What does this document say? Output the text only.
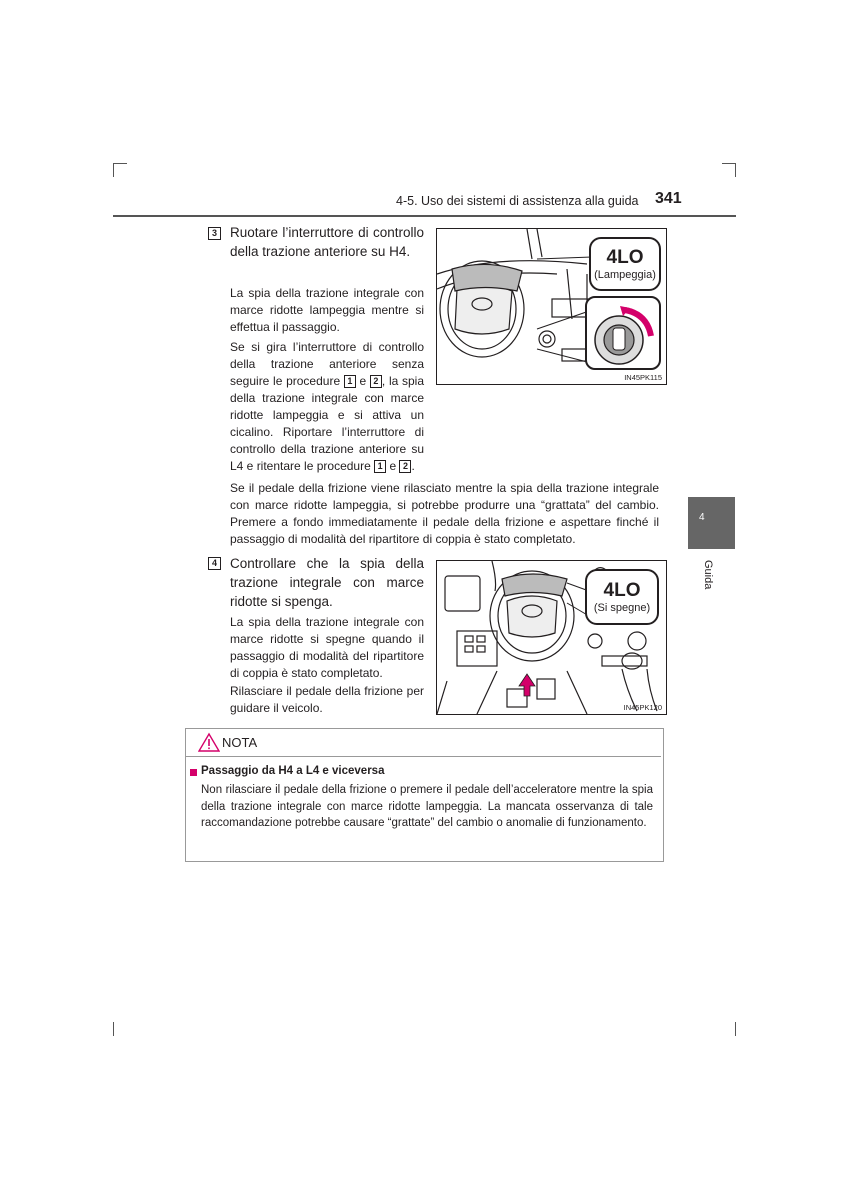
4-5. Uso dei sistemi di assistenza alla guida 341
4
Guida
3 Ruotare l’interruttore di controllo della trazione anteriore su H4.
La spia della trazione integrale con marce ridotte lampeggia mentre si effettua il passaggio.
Se si gira l’interruttore di controllo della trazione anteriore senza seguire le procedure 1 e 2 , la spia della trazione integrale con marce ridotte lampeggia e si attiva un cicalino. Riportare l’interruttore di controllo della trazione anteriore su L4 e ritentare le procedure 1 e 2 .
4LO
(Lampeggia)
IN45PK115
Se il pedale della frizione viene rilasciato mentre la spia della trazione integrale con marce ridotte lampeggia, si potrebbe produrre una “grattata” del cambio. Premere a fondo immediatamente il pedale della frizione e aspettare finché il passaggio di modalità del ripartitore di coppia è stato completato.
4 Controllare che la spia della trazione integrale con marce ridotte si spenga.
La spia della trazione integrale con marce ridotte si spegne quando il passaggio di modalità del ripartitore di coppia è stato completato.
Rilasciare il pedale della frizione per guidare il veicolo.
4LO
(Si spegne)
IN45PK120
NOTA
Passaggio da H4 a L4 e viceversa
Non rilasciare il pedale della frizione o premere il pedale dell’acceleratore mentre la spia della trazione integrale con marce ridotte lampeggia. La mancata osservanza di tale raccomandazione potrebbe causare “grattate” del cambio o anomalie di funzionamento.
